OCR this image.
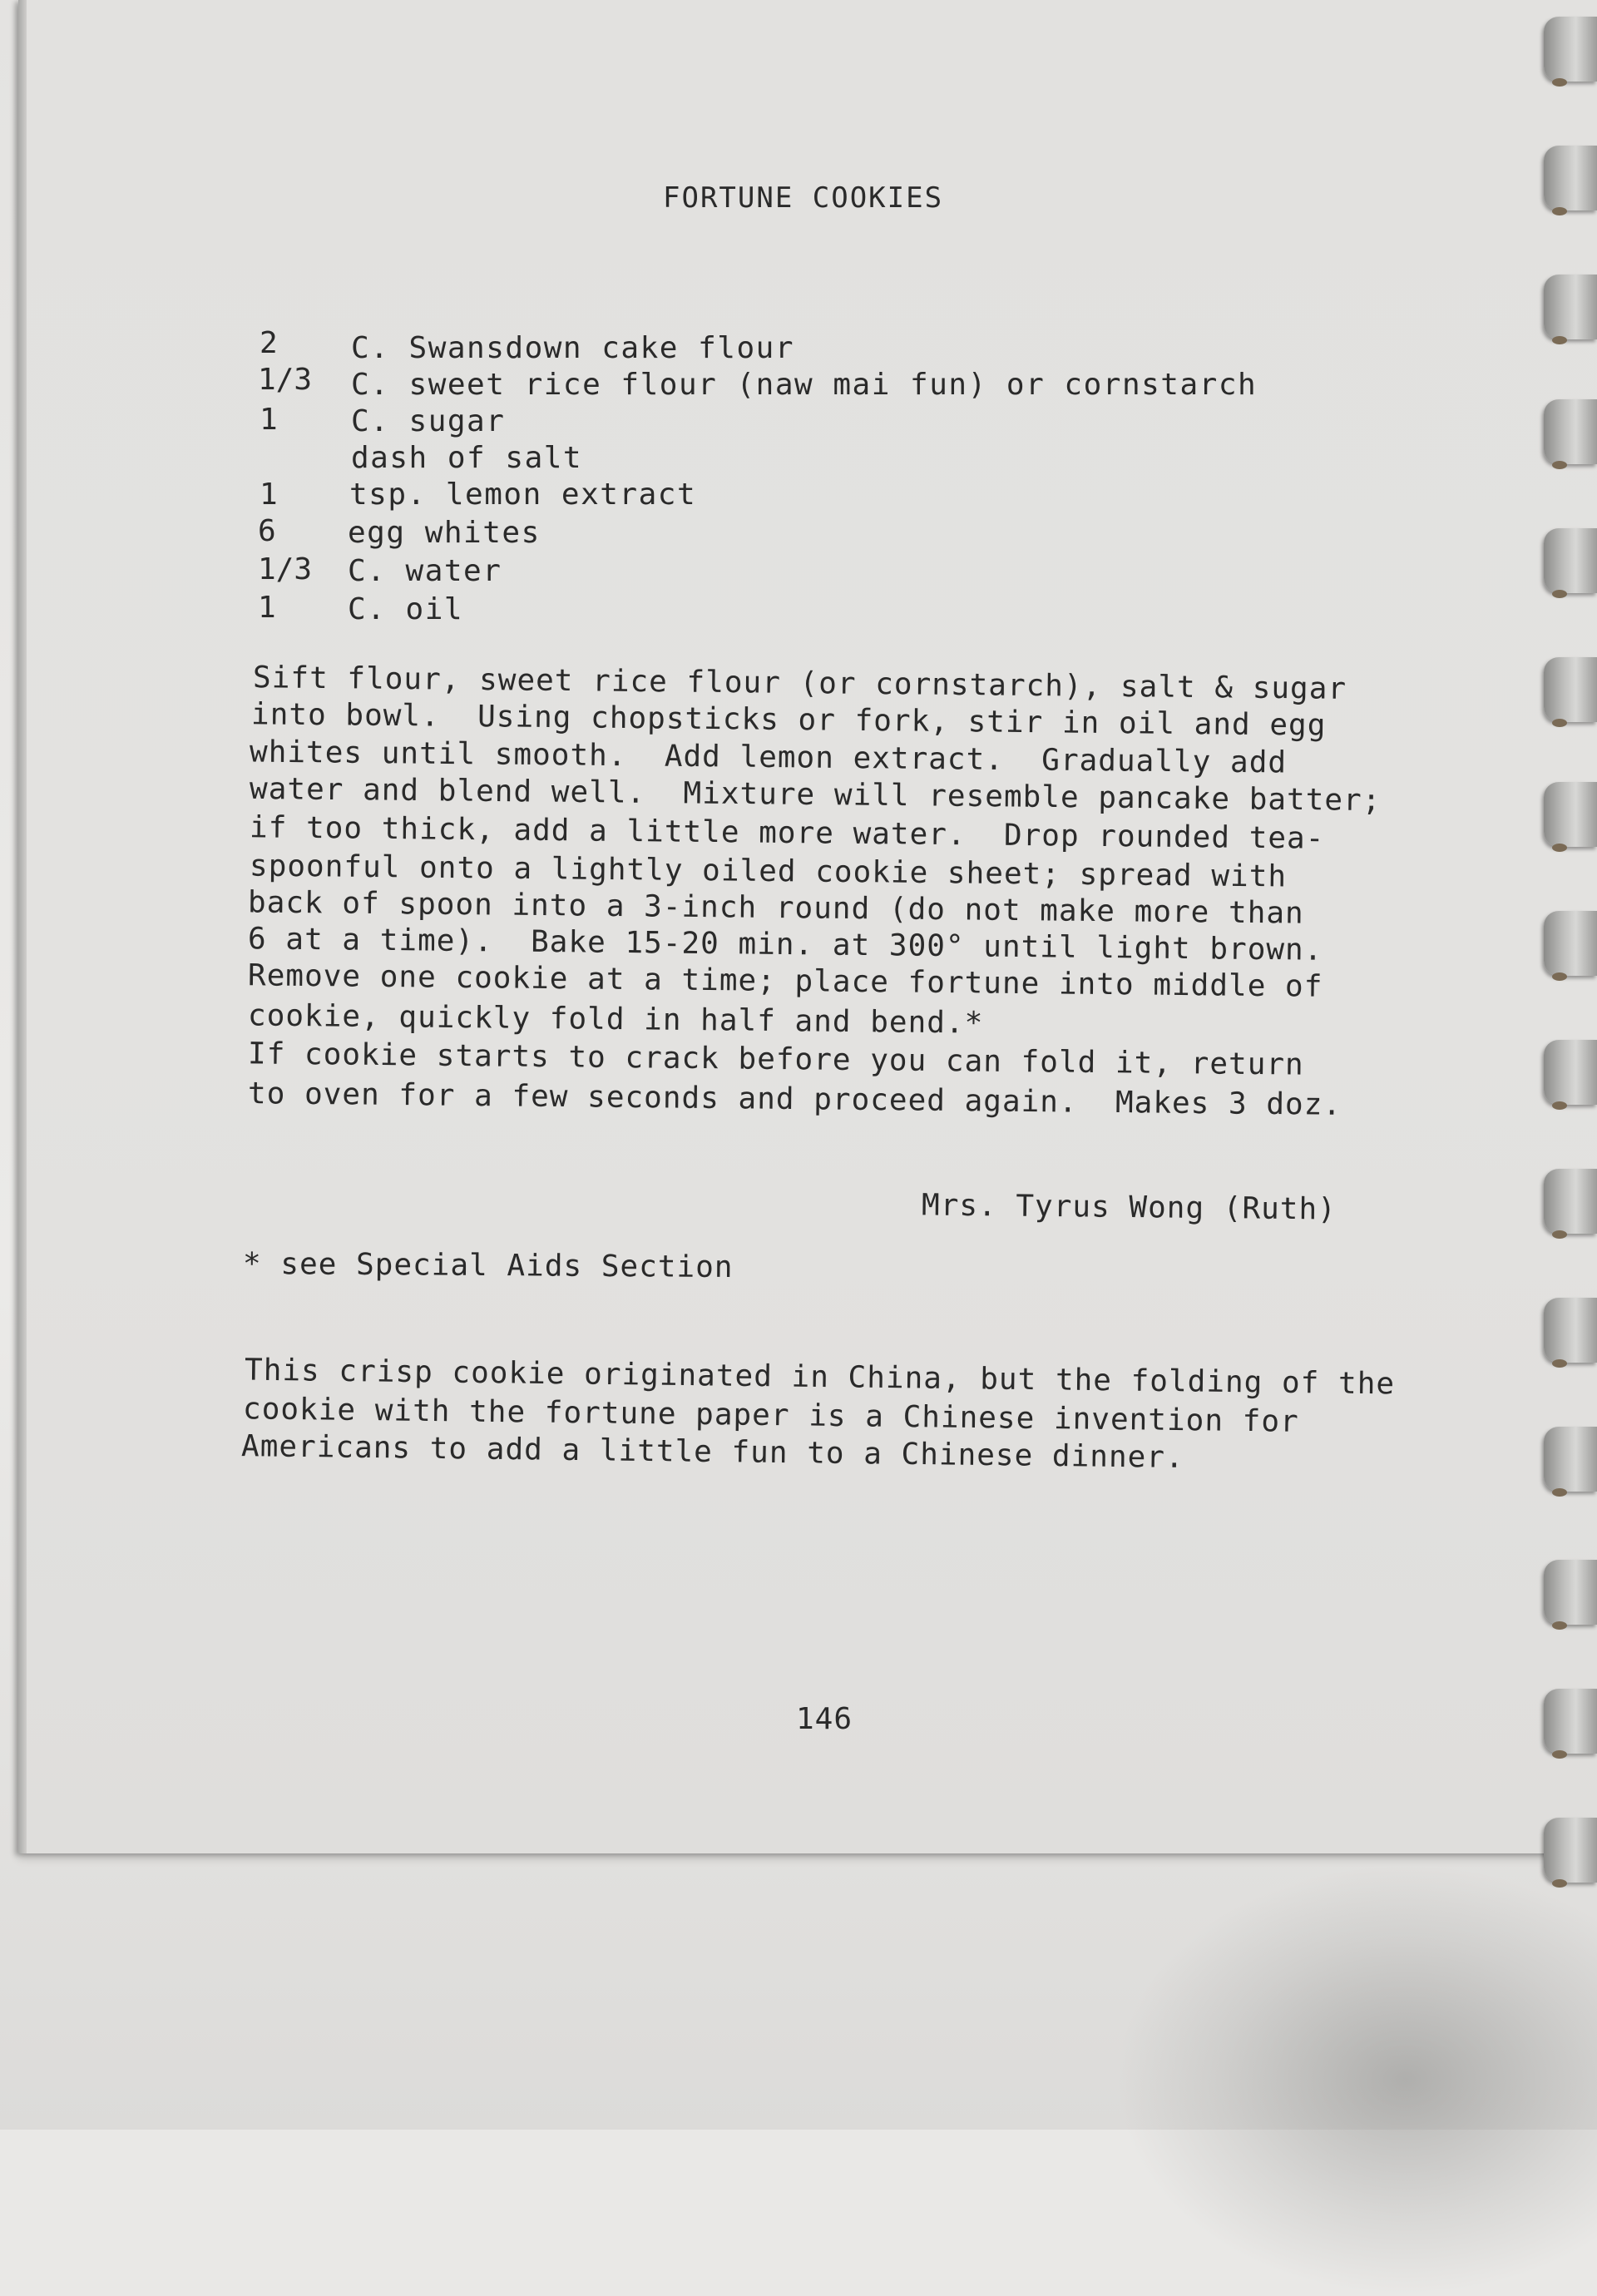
FORTUNE COOKIES
2 C. Swansdown cake flour
1/3 C. sweet rice flour (naw mai fun) or cornstarch
1 C. sugar
dash of salt
1 tsp. lemon extract
6 egg whites
1/3 C. water
1 C. oil
Sift flour, sweet rice flour (or cornstarch), salt & sugar
into bowl.  Using chopsticks or fork, stir in oil and egg
whites until smooth.  Add lemon extract.  Gradually add
water and blend well.  Mixture will resemble pancake batter;
if too thick, add a little more water.  Drop rounded tea-
spoonful onto a lightly oiled cookie sheet; spread with
back of spoon into a 3-inch round (do not make more than
6 at a time).  Bake 15-20 min. at 300° until light brown.
Remove one cookie at a time; place fortune into middle of
cookie, quickly fold in half and bend.*
If cookie starts to crack before you can fold it, return
to oven for a few seconds and proceed again.  Makes 3 doz.
Mrs. Tyrus Wong (Ruth)
* see Special Aids Section
This crisp cookie originated in China, but the folding of the
cookie with the fortune paper is a Chinese invention for
Americans to add a little fun to a Chinese dinner.
146
